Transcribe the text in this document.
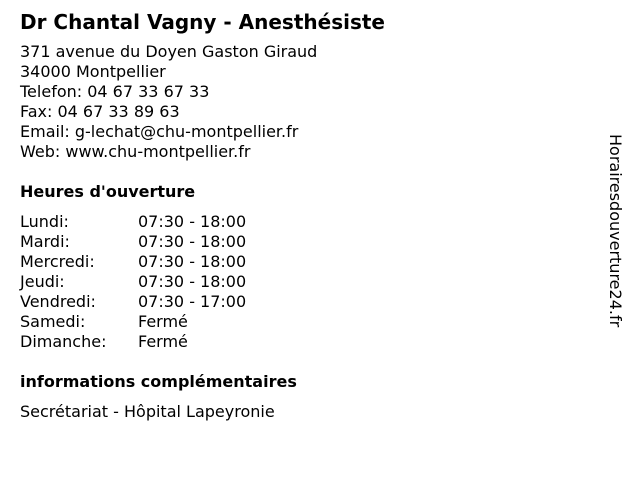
Dr Chantal Vagny - Anesthésiste
371 avenue du Doyen Gaston Giraud
34000 Montpellier
Telefon: 04 67 33 67 33
Fax: 04 67 33 89 63
Email: g-lechat@chu-montpellier.fr
Web: www.chu-montpellier.fr
Heures d'ouverture
Lundi:	07:30 - 18:00
Mardi:	07:30 - 18:00
Mercredi:	07:30 - 18:00
Jeudi:	07:30 - 18:00
Vendredi:	07:30 - 17:00
Samedi:	Fermé
Dimanche:	Fermé
informations complémentaires
Secrétariat - Hôpital Lapeyronie
Horairesdouverture24.fr
